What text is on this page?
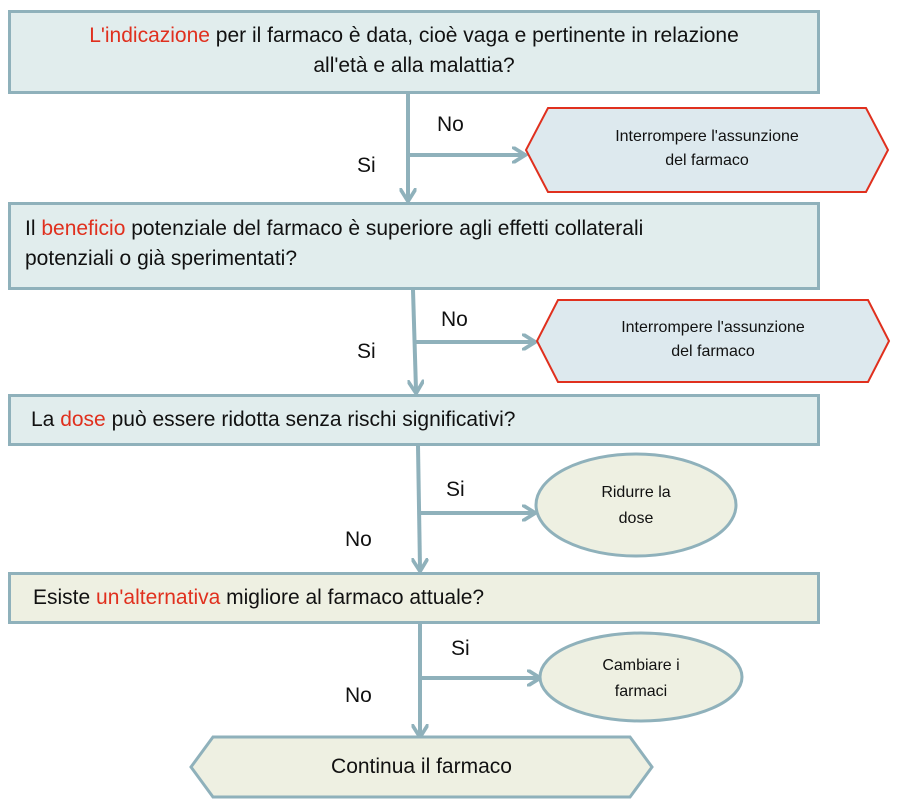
L'indicazione per il farmaco è data, cioè vaga e pertinente in relazione
all'età e alla malattia?
Il beneficio potenziale del farmaco è superiore agli effetti collaterali
potenziali o già sperimentati?
La dose può essere ridotta senza rischi significativi?
Esiste un'alternativa migliore al farmaco attuale?
No
Si
No
Si
Si
No
Si
No
Interrompere l'assunzione
del farmaco
Interrompere l'assunzione
del farmaco
Ridurre la
dose
Cambiare i
farmaci
Continua il farmaco
